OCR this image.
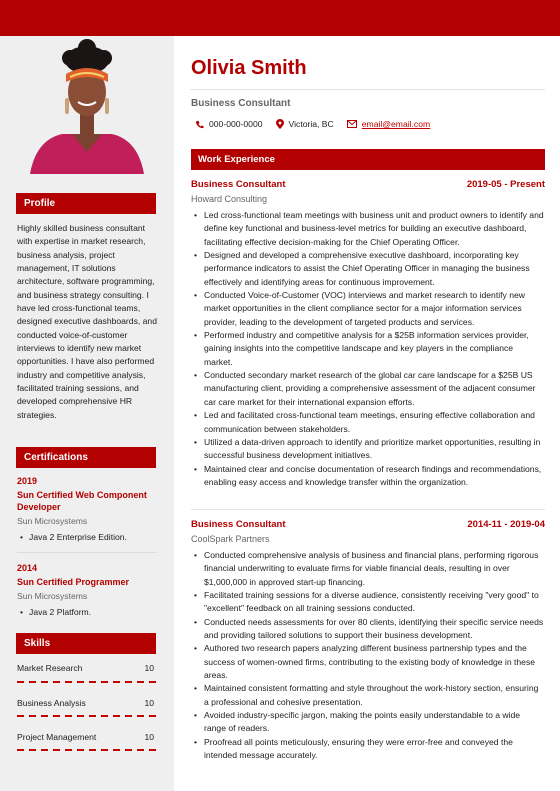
Profile

Highly skilled business consultant with expertise in market research, business analysis, project management, IT solutions architecture, software programming, and business strategy consulting. I have led cross-functional teams, designed executive dashboards, and conducted voice-of-customer interviews to identify new market opportunities. I have also performed industry and competitive analysis, facilitated training sessions, and developed comprehensive HR strategies.

Certifications
2019
Sun Certified Web Component Developer
Sun Microsystems
• Java 2 Enterprise Edition.
2014
Sun Certified Programmer
Sun Microsystems
• Java 2 Platform.
Skills
Market Research	10
Business Analysis	10
Project Management	10
Olivia Smith
Business Consultant
000-000-0000	Victoria, BC	email@email.com
Work Experience
Business Consultant	2019-05 - Present
Howard Consulting
• Led cross-functional team meetings with business unit and product owners to identify and define key functional and business-level metrics for building an executive dashboard, facilitating effective decision-making for the Chief Operating Officer.
• Designed and developed a comprehensive executive dashboard, incorporating key performance indicators to assist the Chief Operating Officer in managing the business effectively and identifying areas for continuous improvement.
• Conducted Voice-of-Customer (VOC) interviews and market research to identify new market opportunities in the client compliance sector for a major information services provider, leading to the development of targeted products and services.
• Performed industry and competitive analysis for a $25B information services provider, gaining insights into the competitive landscape and key players in the compliance market.
• Conducted secondary market research of the global car care landscape for a $25B US manufacturing client, providing a comprehensive assessment of the adjacent consumer car care market for their international expansion efforts.
• Led and facilitated cross-functional team meetings, ensuring effective collaboration and communication between stakeholders.
• Utilized a data-driven approach to identify and prioritize market opportunities, resulting in successful business development initiatives.
• Maintained clear and concise documentation of research findings and recommendations, enabling easy access and knowledge transfer within the organization.
Business Consultant	2014-11 - 2019-04
CoolSpark Partners
• Conducted comprehensive analysis of business and financial plans, performing rigorous financial underwriting to evaluate firms for viable financial deals, resulting in over $1,000,000 in approved start-up financing.
• Facilitated training sessions for a diverse audience, consistently receiving "very good" to "excellent" feedback on all training sessions conducted.
• Conducted needs assessments for over 80 clients, identifying their specific service needs and providing tailored solutions to support their business development.
• Authored two research papers analyzing different business partnership types and the success of women-owned firms, contributing to the existing body of knowledge in these areas.
• Maintained consistent formatting and style throughout the work-history section, ensuring a professional and cohesive presentation.
• Avoided industry-specific jargon, making the points easily understandable to a wide range of readers.
• Proofread all points meticulously, ensuring they were error-free and conveyed the intended message accurately.
